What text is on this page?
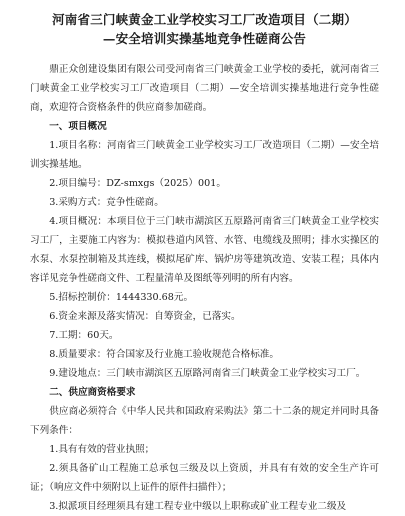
河南省三门峡黄金工业学校实习工厂改造项目（二期）
—安全培训实操基地竞争性磋商公告

鼎正众创建设集团有限公司受河南省三门峡黄金工业学校的委托，就河南省三门峡黄金工业学校实习工厂改造项目（二期）—安全培训实操基地进行竞争性磋商，欢迎符合资格条件的供应商参加磋商。

一、项目概况

1.项目名称：河南省三门峡黄金工业学校实习工厂改造项目（二期）—安全培训实操基地。

2.项目编号：DZ-smxgs（2025）001。

3.采购方式：竞争性磋商。

4.项目概况：本项目位于三门峡市湖滨区五原路河南省三门峡黄金工业学校实习工厂，主要施工内容为：模拟巷道内风管、水管、电缆线及照明；排水实操区的水泵、水泵控制箱及其连线，模拟尾矿库、锅炉房等建筑改造、安装工程；具体内容详见竞争性磋商文件、工程量清单及图纸等列明的所有内容。

5.招标控制价：1444330.68元。

6.资金来源及落实情况：自筹资金，已落实。

7.工期：60天。

8.质量要求：符合国家及行业施工验收规范合格标准。

9.建设地点：三门峡市湖滨区五原路河南省三门峡黄金工业学校实习工厂。

二、供应商资格要求

供应商必须符合《中华人民共和国政府采购法》第二十二条的规定并同时具备下列条件：

1.具有有效的营业执照；

2.须具备矿山工程施工总承包三级及以上资质，并具有有效的安全生产许可证；（响应文件中须附以上证件的原件扫描件）；

3.拟派项目经理须具有建工程专业中级以上职称或矿业工程专业二级及
